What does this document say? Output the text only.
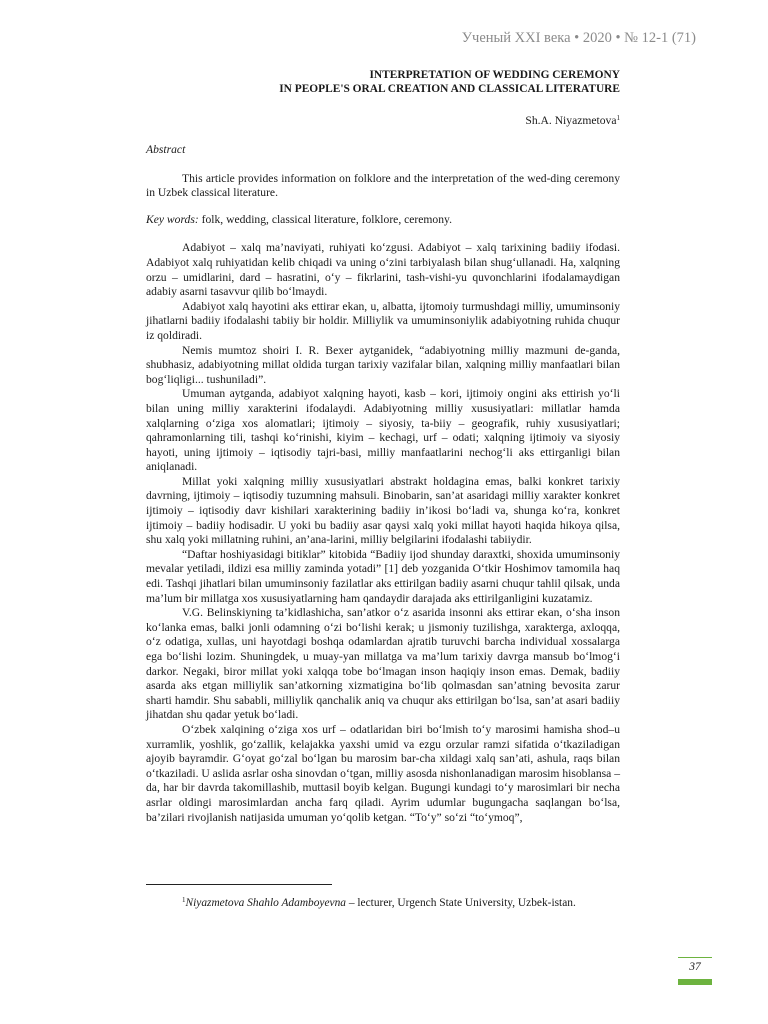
Ученый XXI века • 2020 • № 12-1 (71)
INTERPRETATION OF WEDDING CEREMONY
IN PEOPLE'S ORAL CREATION AND CLASSICAL LITERATURE
Sh.A. Niyazmetova$^1$
Abstract
This article provides information on folklore and the interpretation of the wed-ding ceremony in Uzbek classical literature.
Key words: folk, wedding, classical literature, folklore, ceremony.

Adabiyot – xalq ma’naviyati, ruhiyati ko‘zgusi. Adabiyot – xalq tarixining badiiy ifodasi. Adabiyot xalq ruhiyatidan kelib chiqadi va uning o‘zini tarbiyalash bilan shug‘ullanadi. Ha, xalqning orzu – umidlarini, dard – hasratini, o‘y – fikrlarini, tash-vishi-yu quvonchlarini ifodalamaydigan adabiy asarni tasavvur qilib bo‘lmaydi.

Adabiyot xalq hayotini aks ettirar ekan, u, albatta, ijtomoiy turmushdagi milliy, umuminsoniy jihatlarni badiiy ifodalashi tabiiy bir holdir. Milliylik va umuminsoniylik adabiyotning ruhida chuqur iz qoldiradi.

Nemis mumtoz shoiri I. R. Bexer aytganidek, “adabiyotning milliy mazmuni de-ganda, shubhasiz, adabiyotning millat oldida turgan tarixiy vazifalar bilan, xalqning milliy manfaatlari bilan bog‘liqligi... tushuniladi”.

Umuman aytganda, adabiyot xalqning hayoti, kasb – kori, ijtimoiy ongini aks ettirish yo‘li bilan uning milliy xarakterini ifodalaydi. Adabiyotning milliy xususiyatlari: millatlar hamda xalqlarning o‘ziga xos alomatlari; ijtimoiy – siyosiy, ta-biiy – geografik, ruhiy xususiyatlari; qahramonlarning tili, tashqi ko‘rinishi, kiyim – kechagi, urf – odati; xalqning ijtimoiy va siyosiy hayoti, uning ijtimoiy – iqtisodiy tajri-basi, milliy manfaatlarini nechog‘li aks ettirganligi bilan aniqlanadi.

Millat yoki xalqning milliy xususiyatlari abstrakt holdagina emas, balki konkret tarixiy davrning, ijtimoiy – iqtisodiy tuzumning mahsuli. Binobarin, san’at asaridagi milliy xarakter konkret ijtimoiy – iqtisodiy davr kishilari xarakterining badiiy in’ikosi bo‘ladi va, shunga ko‘ra, konkret ijtimoiy – badiiy hodisadir. U yoki bu badiiy asar qaysi xalq yoki millat hayoti haqida hikoya qilsa, shu xalq yoki millatning ruhini, an’ana-larini, milliy belgilarini ifodalashi tabiiydir.

“Daftar hoshiyasidagi bitiklar” kitobida “Badiiy ijod shunday daraxtki, shoxida umuminsoniy mevalar yetiladi, ildizi esa milliy zaminda yotadi” [1] deb yozganida O‘tkir Hoshimov tamomila haq edi. Tashqi jihatlari bilan umuminsoniy fazilatlar aks ettirilgan badiiy asarni chuqur tahlil qilsak, unda ma’lum bir millatga xos xususiyatlarning ham qandaydir darajada aks ettirilganligini kuzatamiz.

V.G. Belinskiyning ta’kidlashicha, san’atkor o‘z asarida insonni aks ettirar ekan, o‘sha inson ko‘lanka emas, balki jonli odamning o‘zi bo‘lishi kerak; u jismoniy tuzilishga, xarakterga, axloqqa, o‘z odatiga, xullas, uni hayotdagi boshqa odamlardan ajratib turuvchi barcha individual xossalarga ega bo‘lishi lozim. Shuningdek, u muay-yan millatga va ma’lum tarixiy davrga mansub bo‘lmog‘i darkor. Negaki, biror millat yoki xalqqa tobe bo‘lmagan inson haqiqiy inson emas. Demak, badiiy asarda aks etgan milliylik san’atkorning xizmatigina bo‘lib qolmasdan san’atning bevosita zarur sharti hamdir. Shu sababli, milliylik qanchalik aniq va chuqur aks ettirilgan bo‘lsa, san’at asari badiiy jihatdan shu qadar yetuk bo‘ladi.

O‘zbek xalqining o‘ziga xos urf – odatlaridan biri bo‘lmish to‘y marosimi hamisha shod–u xurramlik, yoshlik, go‘zallik, kelajakka yaxshi umid va ezgu orzular ramzi sifatida o‘tkaziladigan ajoyib bayramdir. G‘oyat go‘zal bo‘lgan bu marosim bar-cha xildagi xalq san’ati, ashula, raqs bilan o‘tkaziladi. U aslida asrlar osha sinovdan o‘tgan, milliy asosda nishonlanadigan marosim hisoblansa – da, har bir davrda takomillashib, muttasil boyib kelgan. Bugungi kundagi to‘y marosimlari bir necha asrlar oldingi marosimlardan ancha farq qiladi. Ayrim udumlar bugungacha saqlangan bo‘lsa, ba’zilari rivojlanish natijasida umuman yo‘qolib ketgan. “To‘y” so‘zi “to‘ymoq”,

$^1$Niyazmetova Shahlo Adamboyevna – lecturer, Urgench State University, Uzbek-istan.
37
